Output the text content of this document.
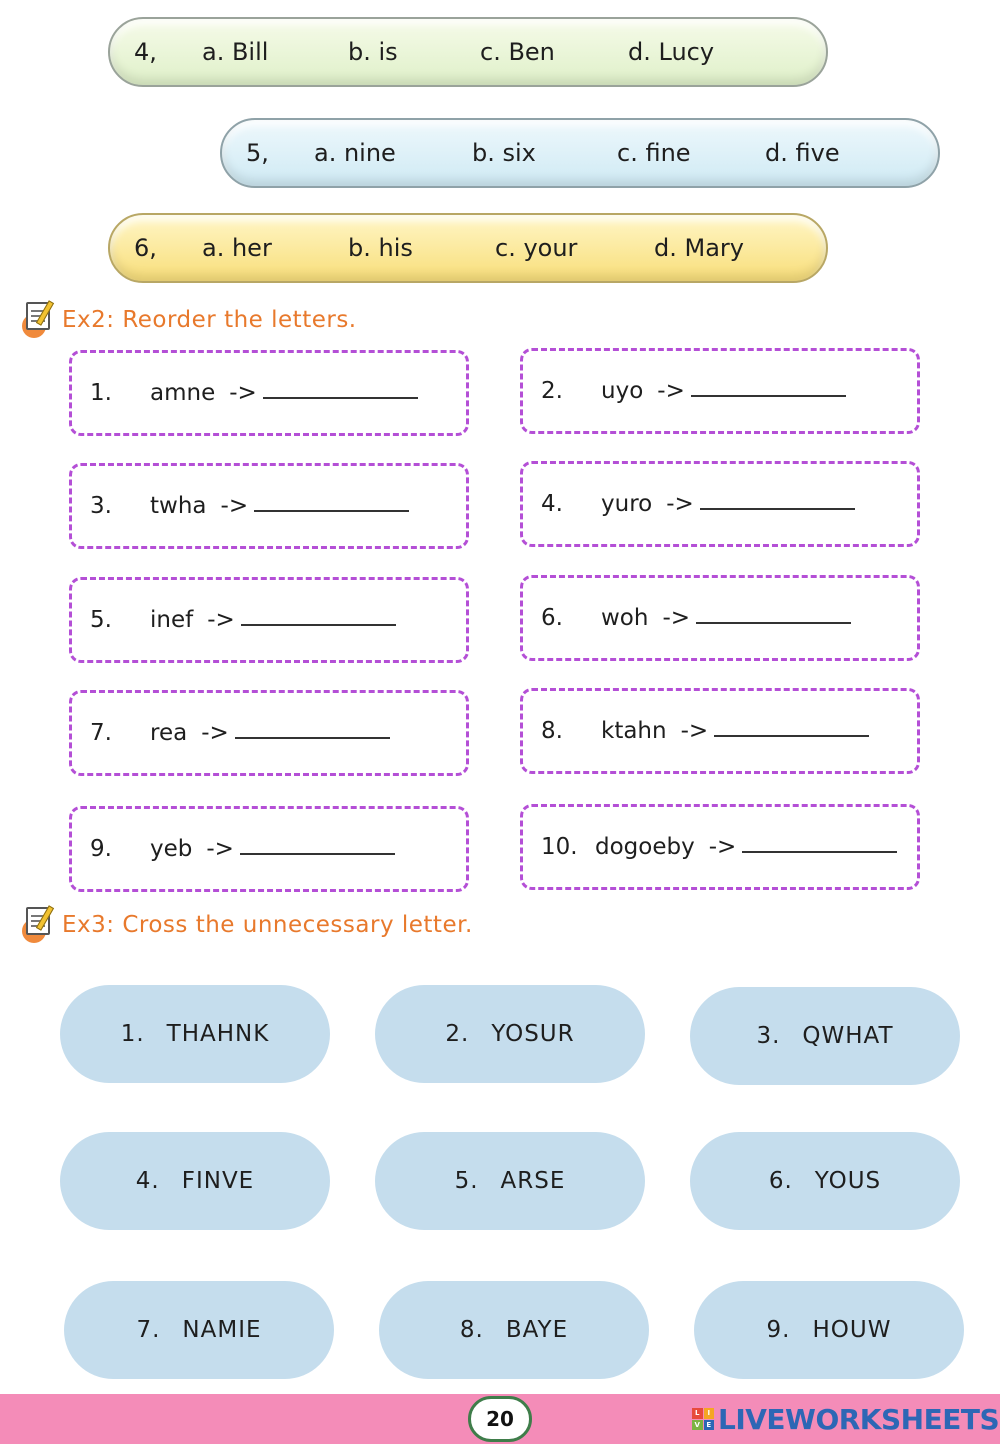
4, a. Bill	b. is	c. Ben	d. Lucy
5, a. nine	b. six	c. fine	d. five
6, a. her	b. his	c. your	d. Mary
Ex2: Reorder the letters.
1. amne ->	2. uyo ->
3. twha ->	4. yuro ->
5. inef ->	6. woh ->
7. rea ->	8. ktahn ->
9. yeb ->	10. dogoeby ->
Ex3: Cross the unnecessary letter.
1. THAHNK	2. YOSUR	3. QWHAT
4. FINVE	5. ARSE	6. YOUS
7. NAMIE	8. BAYE	9. HOUW
20	L	I
V E LIVEWORKSHEETS
